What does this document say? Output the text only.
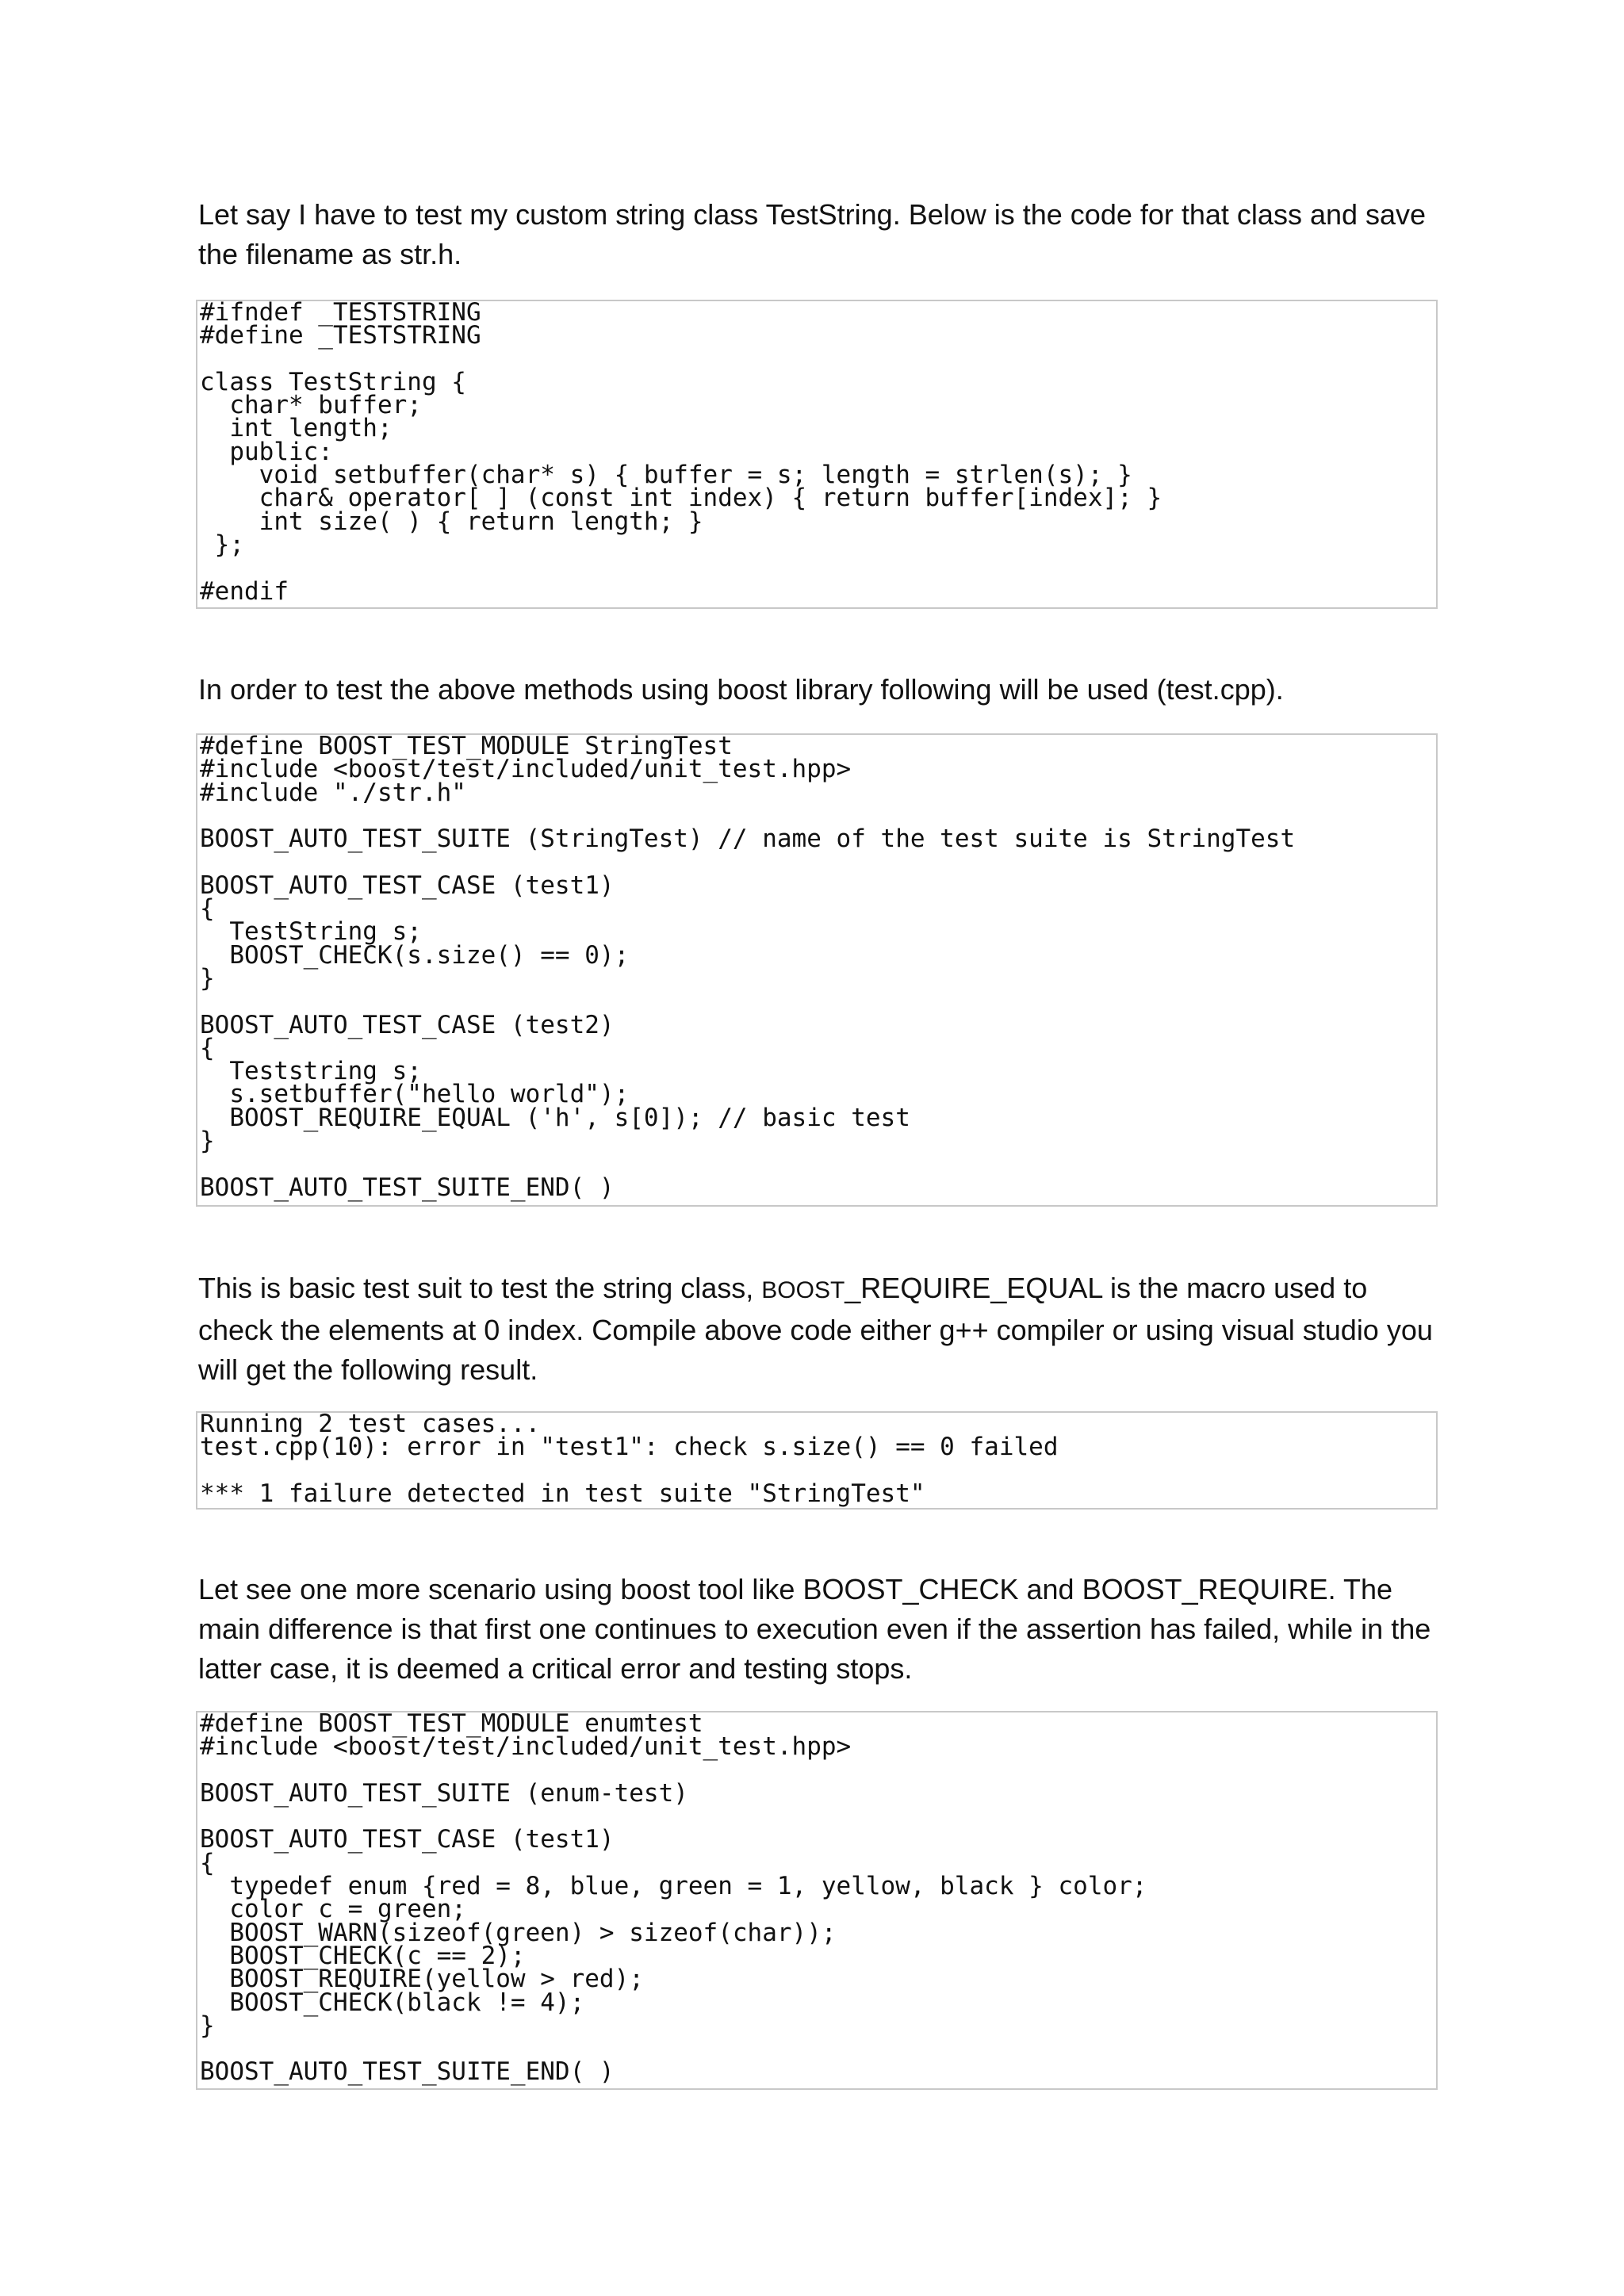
Let say I have to test my custom string class TestString. Below is the code for that class and save the filename as str.h.

#ifndef _TESTSTRING
#define _TESTSTRING

class TestString {
char* buffer;
int length;
public:
void setbuffer(char* s) { buffer = s; length = strlen(s); }
char& operator[ ] (const int index) { return buffer[index]; }
int size( ) { return length; }
};

#endif

In order to test the above methods using boost library following will be used (test.cpp).

#define BOOST_TEST_MODULE StringTest
#include <boost/test/included/unit_test.hpp>
#include "./str.h"

BOOST_AUTO_TEST_SUITE (StringTest) // name of the test suite is StringTest

BOOST_AUTO_TEST_CASE (test1)
{
TestString s;
BOOST_CHECK(s.size() == 0);
}

BOOST_AUTO_TEST_CASE (test2)
{
Teststring s;
s.setbuffer("hello world");
BOOST_REQUIRE_EQUAL ('h', s[0]); // basic test
}

BOOST_AUTO_TEST_SUITE_END( )

This is basic test suit to test the string class, BOOST_REQUIRE_EQUAL is the macro used to check the elements at 0 index. Compile above code either g++ compiler or using visual studio you will get the following result.

Running 2 test cases...
test.cpp(10): error in "test1": check s.size() == 0 failed

*** 1 failure detected in test suite "StringTest"

Let see one more scenario using boost tool like BOOST_CHECK and BOOST_REQUIRE. The main difference is that first one continues to execution even if the assertion has failed, while in the latter case, it is deemed a critical error and testing stops.

#define BOOST_TEST_MODULE enumtest
#include <boost/test/included/unit_test.hpp>

BOOST_AUTO_TEST_SUITE (enum-test)

BOOST_AUTO_TEST_CASE (test1)
{
typedef enum {red = 8, blue, green = 1, yellow, black } color;
color c = green;
BOOST_WARN(sizeof(green) > sizeof(char));
BOOST_CHECK(c == 2);
BOOST_REQUIRE(yellow > red);
BOOST_CHECK(black != 4);
}

BOOST_AUTO_TEST_SUITE_END( )
